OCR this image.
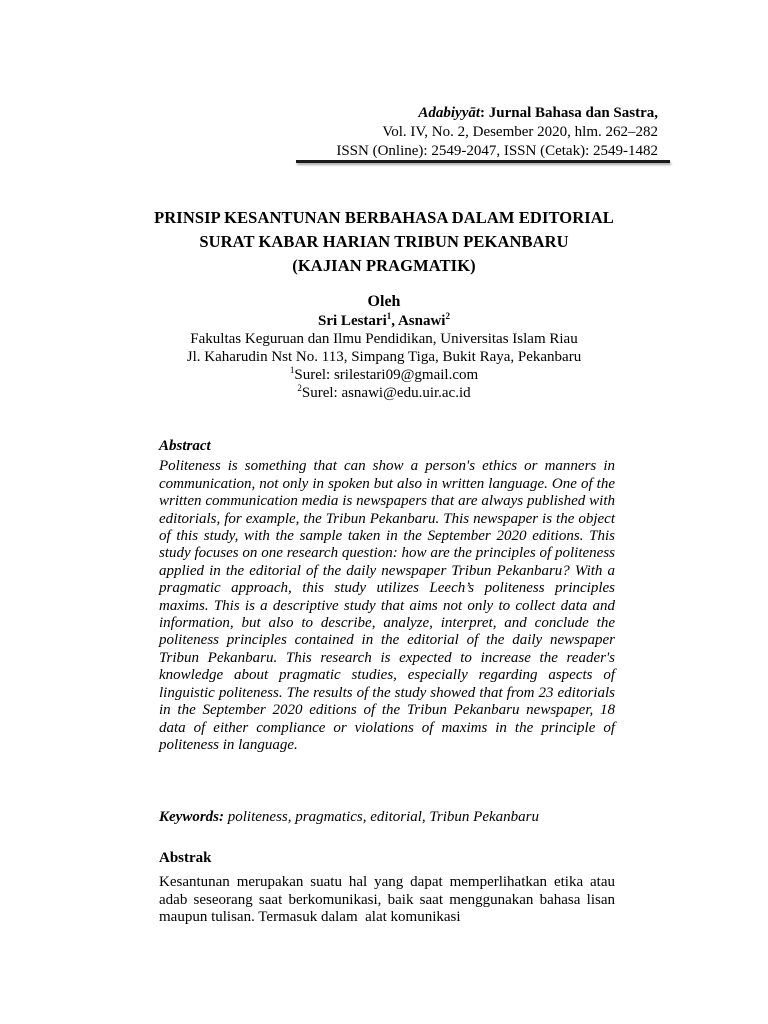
Adabiyyāt: Jurnal Bahasa dan Sastra,
Vol. IV, No. 2, Desember 2020, hlm. 262–282
ISSN (Online): 2549-2047, ISSN (Cetak): 2549-1482
PRINSIP KESANTUNAN BERBAHASA DALAM EDITORIAL
SURAT KABAR HARIAN TRIBUN PEKANBARU
(KAJIAN PRAGMATIK)
Oleh
Sri Lestari$^1$, Asnawi$^2$
Fakultas Keguruan dan Ilmu Pendidikan, Universitas Islam Riau
Jl. Kaharudin Nst No. 113, Simpang Tiga, Bukit Raya, Pekanbaru
$^1$Surel: srilestari09@gmail.com
$^2$Surel: asnawi@edu.uir.ac.id

Abstract

Politeness is something that can show a person's ethics or manners in communication, not only in spoken but also in written language. One of the written communication media is newspapers that are always published with editorials, for example, the Tribun Pekanbaru. This newspaper is the object of this study, with the sample taken in the September 2020 editions. This study focuses on one research question: how are the principles of politeness applied in the editorial of the daily newspaper Tribun Pekanbaru? With a pragmatic approach, this study utilizes Leech’s politeness principles maxims. This is a descriptive study that aims not only to collect data and information, but also to describe, analyze, interpret, and conclude the politeness principles contained in the editorial of the daily newspaper Tribun Pekanbaru. This research is expected to increase the reader's knowledge about pragmatic studies, especially regarding aspects of linguistic politeness. The results of the study showed that from 23 editorials in the September 2020 editions of the Tribun Pekanbaru newspaper, 18 data of either compliance or violations of maxims in the principle of politeness in language.

Keywords: politeness, pragmatics, editorial, Tribun Pekanbaru

Abstrak

Kesantunan merupakan suatu hal yang dapat memperlihatkan etika atau adab seseorang saat berkomunikasi, baik saat menggunakan bahasa lisan maupun tulisan. Termasuk dalam  alat komunikasi
